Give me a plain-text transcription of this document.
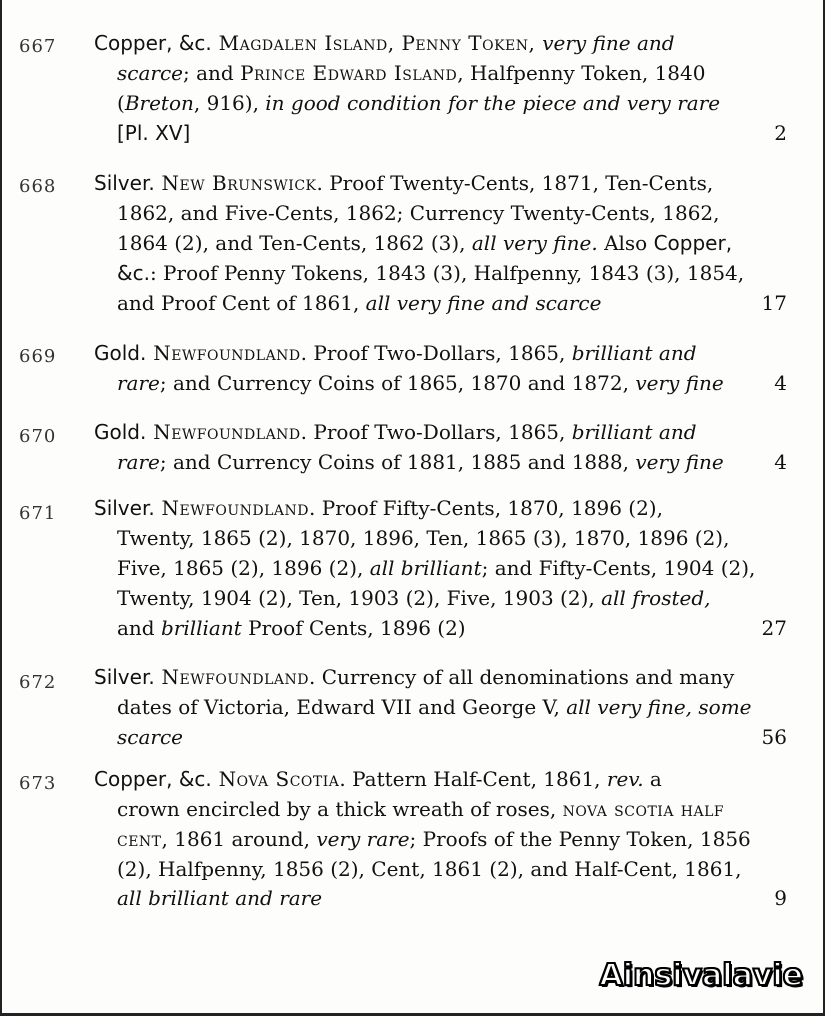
667 Copper, &c. Magdalen Island, Penny Token, very fine and
scarce; and Prince Edward Island, Halfpenny Token, 1840
(Breton, 916), in good condition for the piece and very rare
[Pl. XV]	2
668 Silver. New Brunswick. Proof Twenty-Cents, 1871, Ten-Cents,
1862, and Five-Cents, 1862; Currency Twenty-Cents, 1862,
1864 (2), and Ten-Cents, 1862 (3), all very fine. Also Copper,
&c.: Proof Penny Tokens, 1843 (3), Halfpenny, 1843 (3), 1854,
and Proof Cent of 1861, all very fine and scarce	17
669 Gold. Newfoundland. Proof Two-Dollars, 1865, brilliant and
rare; and Currency Coins of 1865, 1870 and 1872, very fine	4
670 Gold. Newfoundland. Proof Two-Dollars, 1865, brilliant and
rare; and Currency Coins of 1881, 1885 and 1888, very fine	4
671 Silver. Newfoundland. Proof Fifty-Cents, 1870, 1896 (2),
Twenty, 1865 (2), 1870, 1896, Ten, 1865 (3), 1870, 1896 (2),
Five, 1865 (2), 1896 (2), all brilliant; and Fifty-Cents, 1904 (2),
Twenty, 1904 (2), Ten, 1903 (2), Five, 1903 (2), all frosted,
and brilliant Proof Cents, 1896 (2)	27
672 Silver. Newfoundland. Currency of all denominations and many
dates of Victoria, Edward VII and George V, all very fine, some
scarce	56
673 Copper, &c. Nova Scotia. Pattern Half-Cent, 1861, rev. a
crown encircled by a thick wreath of roses, nova scotia half
cent, 1861 around, very rare; Proofs of the Penny Token, 1856
(2), Halfpenny, 1856 (2), Cent, 1861 (2), and Half-Cent, 1861,
all brilliant and rare	9
Ainsivalavie
